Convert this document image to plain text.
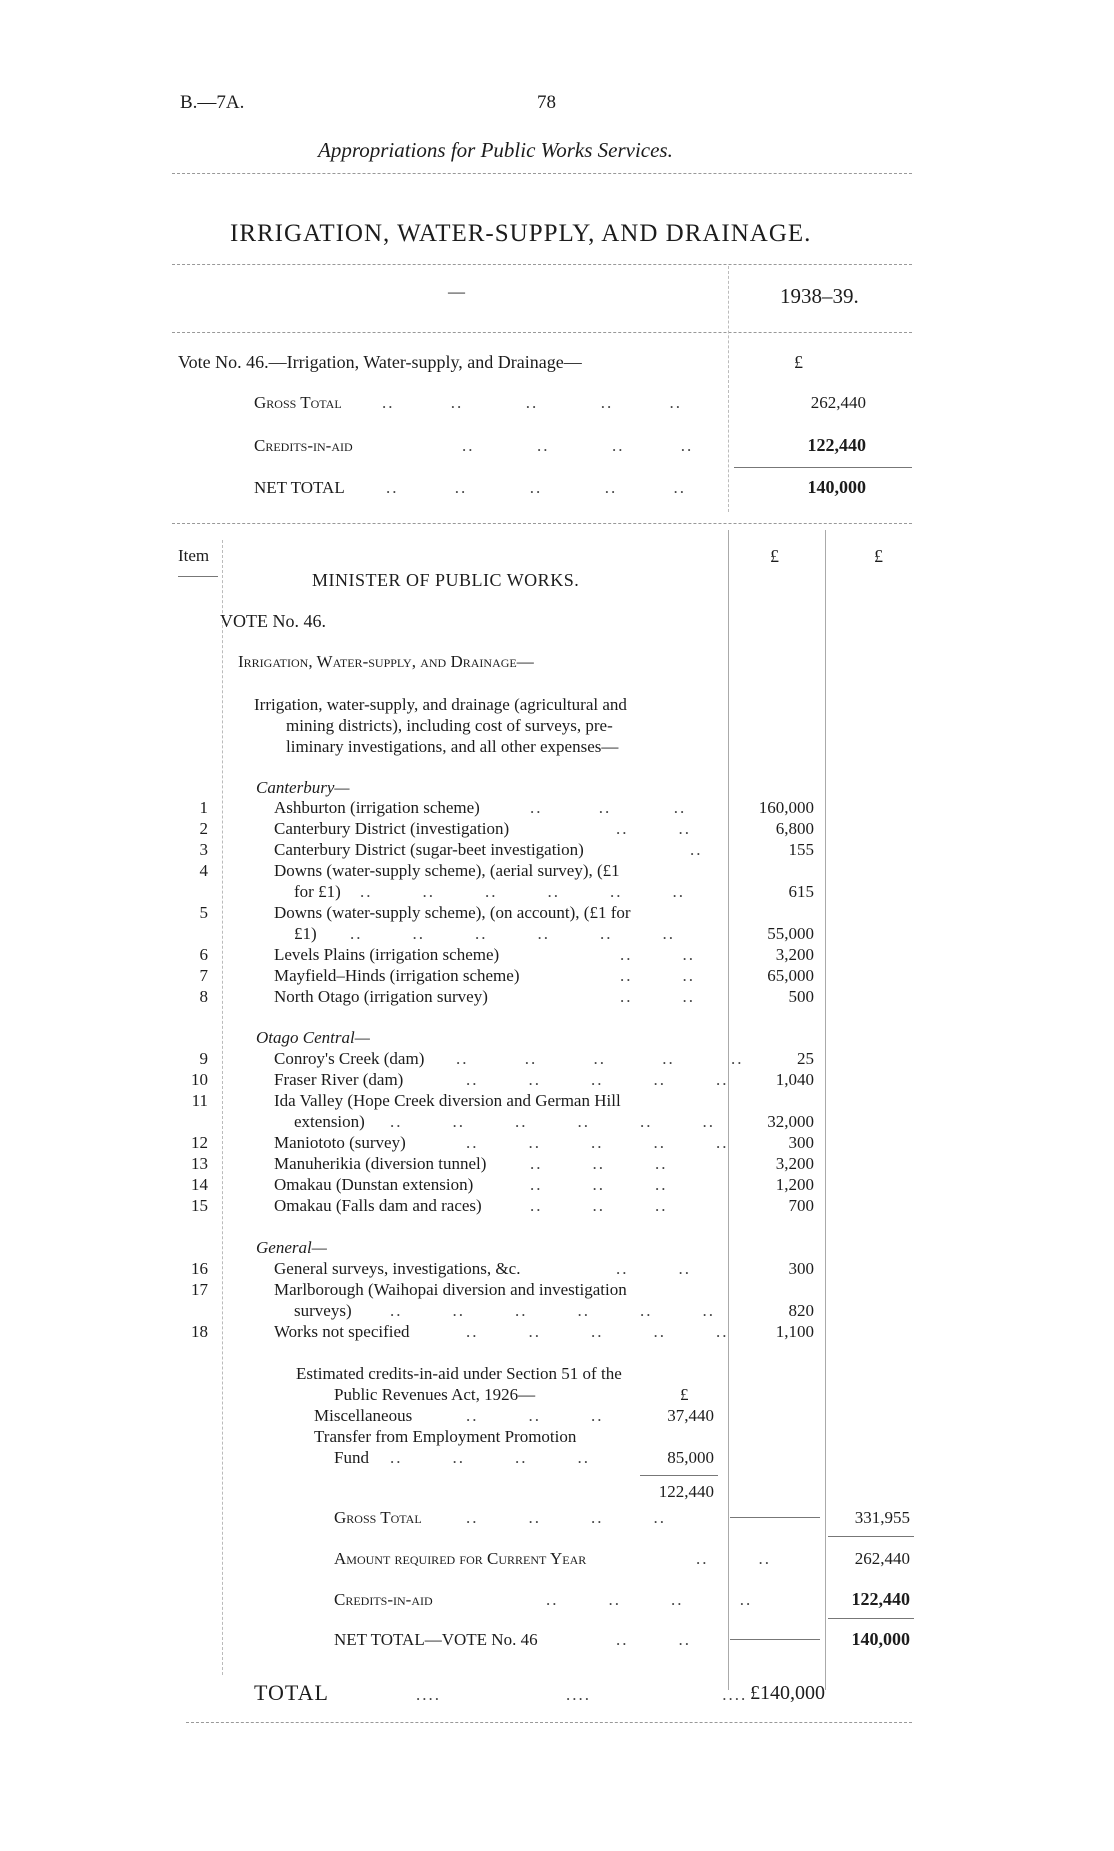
B.—7A.	78
Appropriations for Public Works Services.
IRRIGATION, WATER-SUPPLY, AND DRAINAGE.
—	1938–39.
Vote No. 46.—Irrigation, Water-supply, and Drainage—	£
Gross Total ..         ..          ..          ..         ..	262,440
Credits-in-aid	..          ..          ..         ..	122,440
NET TOTAL ..         ..          ..          ..         ..	140,000
Item	£	£
MINISTER OF PUBLIC WORKS.
VOTE No. 46.
Irrigation, Water-supply, and Drainage—
Irrigation, water-supply, and drainage (agricultural and
mining districts), including cost of surveys, pre-
liminary investigations, and all other expenses—
Canterbury—
1	Ashburton (irrigation scheme)	..         ..          ..	160,000
2	Canterbury District (investigation)	..        ..	6,800
3	Canterbury District (sugar-beet investigation)	..	155
4	Downs (water-supply scheme), (aerial survey), (£1
for £1) ..        ..        ..        ..        ..        ..	615
5	Downs (water-supply scheme), (on account), (£1 for
£1) ..        ..        ..        ..        ..        ..	55,000
6	Levels Plains (irrigation scheme)	..        ..	3,200
7	Mayfield–Hinds (irrigation scheme)	..        ..	65,000
8	North Otago (irrigation survey)	..        ..	500
Otago Central—
9	Conroy's Creek (dam) ..         ..         ..         ..         ..	25
10	Fraser River (dam)	..        ..        ..        ..        ..	1,040
11	Ida Valley (Hope Creek diversion and German Hill
extension) ..        ..        ..        ..        ..        ..	32,000
12	Maniototo (survey)	..        ..        ..        ..        ..	300
13	Manuherikia (diversion tunnel)	..        ..        ..	3,200
14	Omakau (Dunstan extension)	..        ..        ..	1,200
15	Omakau (Falls dam and races)	..        ..        ..	700
General—
16	General surveys, investigations, &c.	..        ..	300
17	Marlborough (Waihopai diversion and investigation
surveys) ..        ..        ..        ..        ..        ..	820
18	Works not specified	..        ..        ..        ..        ..	1,100
Estimated credits-in-aid under Section 51 of the
Public Revenues Act, 1926—	£
Miscellaneous	..        ..        ..	37,440
Transfer from Employment Promotion
Fund ..        ..        ..        ..	85,000
122,440
Gross Total	..        ..        ..        ..	331,955
Amount required for Current Year	..        ..	262,440
Credits-in-aid	..        ..        ..         ..	122,440
NET TOTAL—VOTE No. 46	..        ..	140,000
TOTAL	....                    ....                     .... £140,000
